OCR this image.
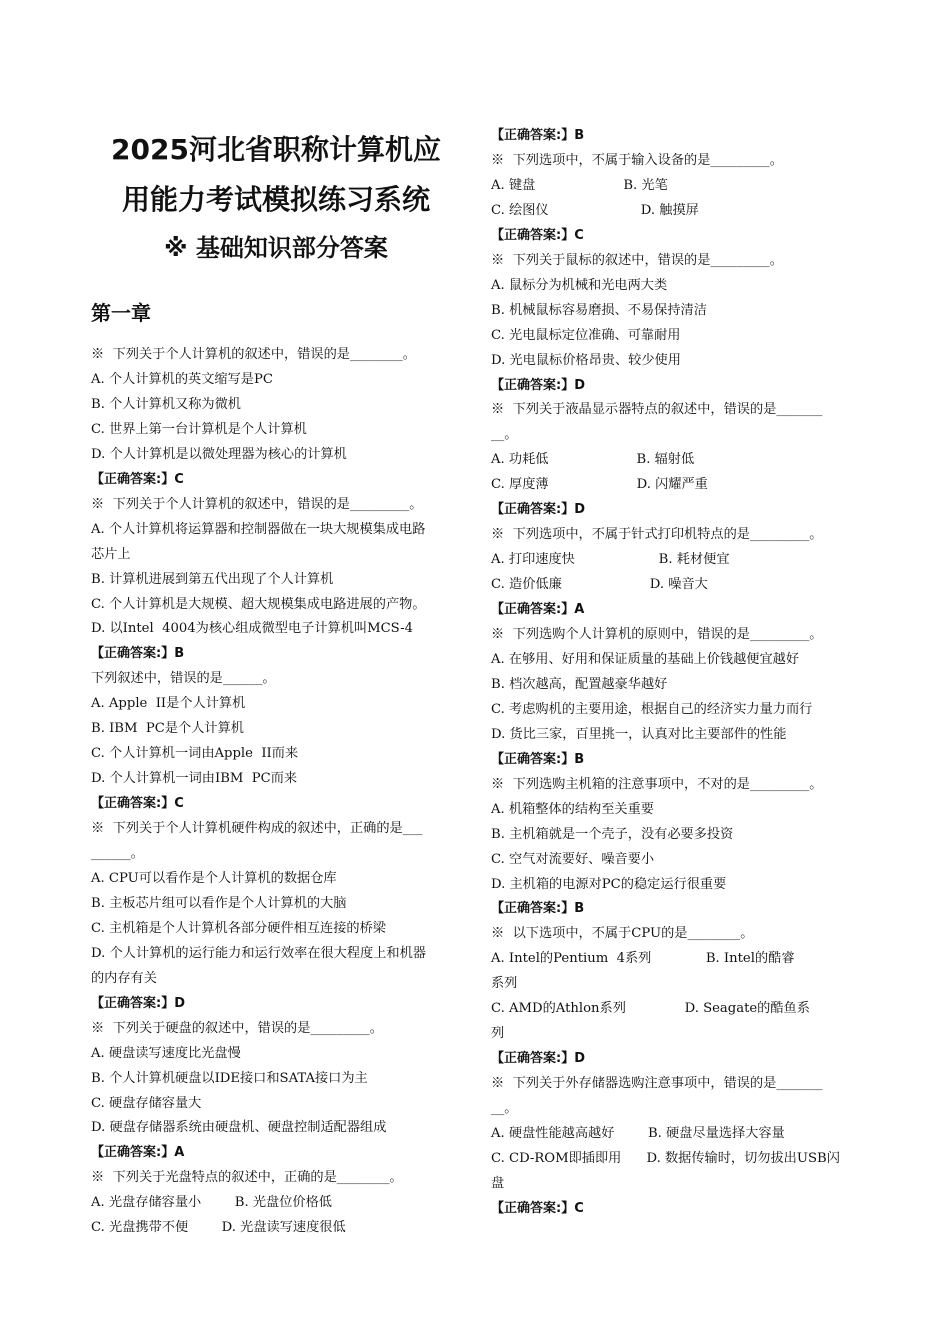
2025河北省职称计算机应
用能力考试模拟练习系统
※ 基础知识部分答案
第一章
※  下列关于个人计算机的叙述中，错误的是________。
A. 个人计算机的英文缩写是PC
B. 个人计算机又称为微机
C. 世界上第一台计算机是个人计算机
D. 个人计算机是以微处理器为核心的计算机
【正确答案:】C
※  下列关于个人计算机的叙述中，错误的是_________。
A. 个人计算机将运算器和控制器做在一块大规模集成电路
芯片上
B. 计算机进展到第五代出现了个人计算机
C. 个人计算机是大规模、超大规模集成电路进展的产物。
D. 以Intel  4004为核心组成微型电子计算机叫MCS-4
【正确答案:】B
下列叙述中，错误的是______。
A. Apple  II是个人计算机
B. IBM  PC是个人计算机
C. 个人计算机一词由Apple  II而来
D. 个人计算机一词由IBM  PC而来
【正确答案:】C
※  下列关于个人计算机硬件构成的叙述中，正确的是___
______。
A. CPU可以看作是个人计算机的数据仓库
B. 主板芯片组可以看作是个人计算机的大脑
C. 主机箱是个人计算机各部分硬件相互连接的桥梁
D. 个人计算机的运行能力和运行效率在很大程度上和机器
的内存有关
【正确答案:】D
※  下列关于硬盘的叙述中，错误的是_________。
A. 硬盘读写速度比光盘慢
B. 个人计算机硬盘以IDE接口和SATA接口为主
C. 硬盘存储容量大
D. 硬盘存储器系统由硬盘机、硬盘控制适配器组成
【正确答案:】A
※  下列关于光盘特点的叙述中，正确的是________。
A. 光盘存储容量小        B. 光盘位价格低
C. 光盘携带不便        D. 光盘读写速度很低
【正确答案:】B
※  下列选项中，不属于输入设备的是_________。
A. 键盘                     B. 光笔
C. 绘图仪                      D. 触摸屏
【正确答案:】C
※  下列关于鼠标的叙述中，错误的是_________。
A. 鼠标分为机械和光电两大类
B. 机械鼠标容易磨损、不易保持清洁
C. 光电鼠标定位准确、可靠耐用
D. 光电鼠标价格昂贵、较少使用
【正确答案:】D
※  下列关于液晶显示器特点的叙述中，错误的是_______
__。
A. 功耗低                     B. 辐射低
C. 厚度薄                     D. 闪耀严重
【正确答案:】D
※  下列选项中，不属于针式打印机特点的是_________。
A. 打印速度快                    B. 耗材便宜
C. 造价低廉                     D. 噪音大
【正确答案:】A
※  下列选购个人计算机的原则中，错误的是_________。
A. 在够用、好用和保证质量的基础上价钱越便宜越好
B. 档次越高，配置越豪华越好
C. 考虑购机的主要用途，根据自己的经济实力量力而行
D. 货比三家，百里挑一，认真对比主要部件的性能
【正确答案:】B
※  下列选购主机箱的注意事项中，不对的是_________。
A. 机箱整体的结构至关重要
B. 主机箱就是一个壳子，没有必要多投资
C. 空气对流要好、噪音要小
D. 主机箱的电源对PC的稳定运行很重要
【正确答案:】B
※  以下选项中，不属于CPU的是________。
A. Intel的Pentium  4系列             B. Intel的酷睿
系列
C. AMD的Athlon系列              D. Seagate的酷鱼系
列
【正确答案:】D
※  下列关于外存储器选购注意事项中，错误的是_______
__。
A. 硬盘性能越高越好        B. 硬盘尽量选择大容量
C. CD-ROM即插即用      D. 数据传输时，切勿拔出USB闪
盘
【正确答案:】C
